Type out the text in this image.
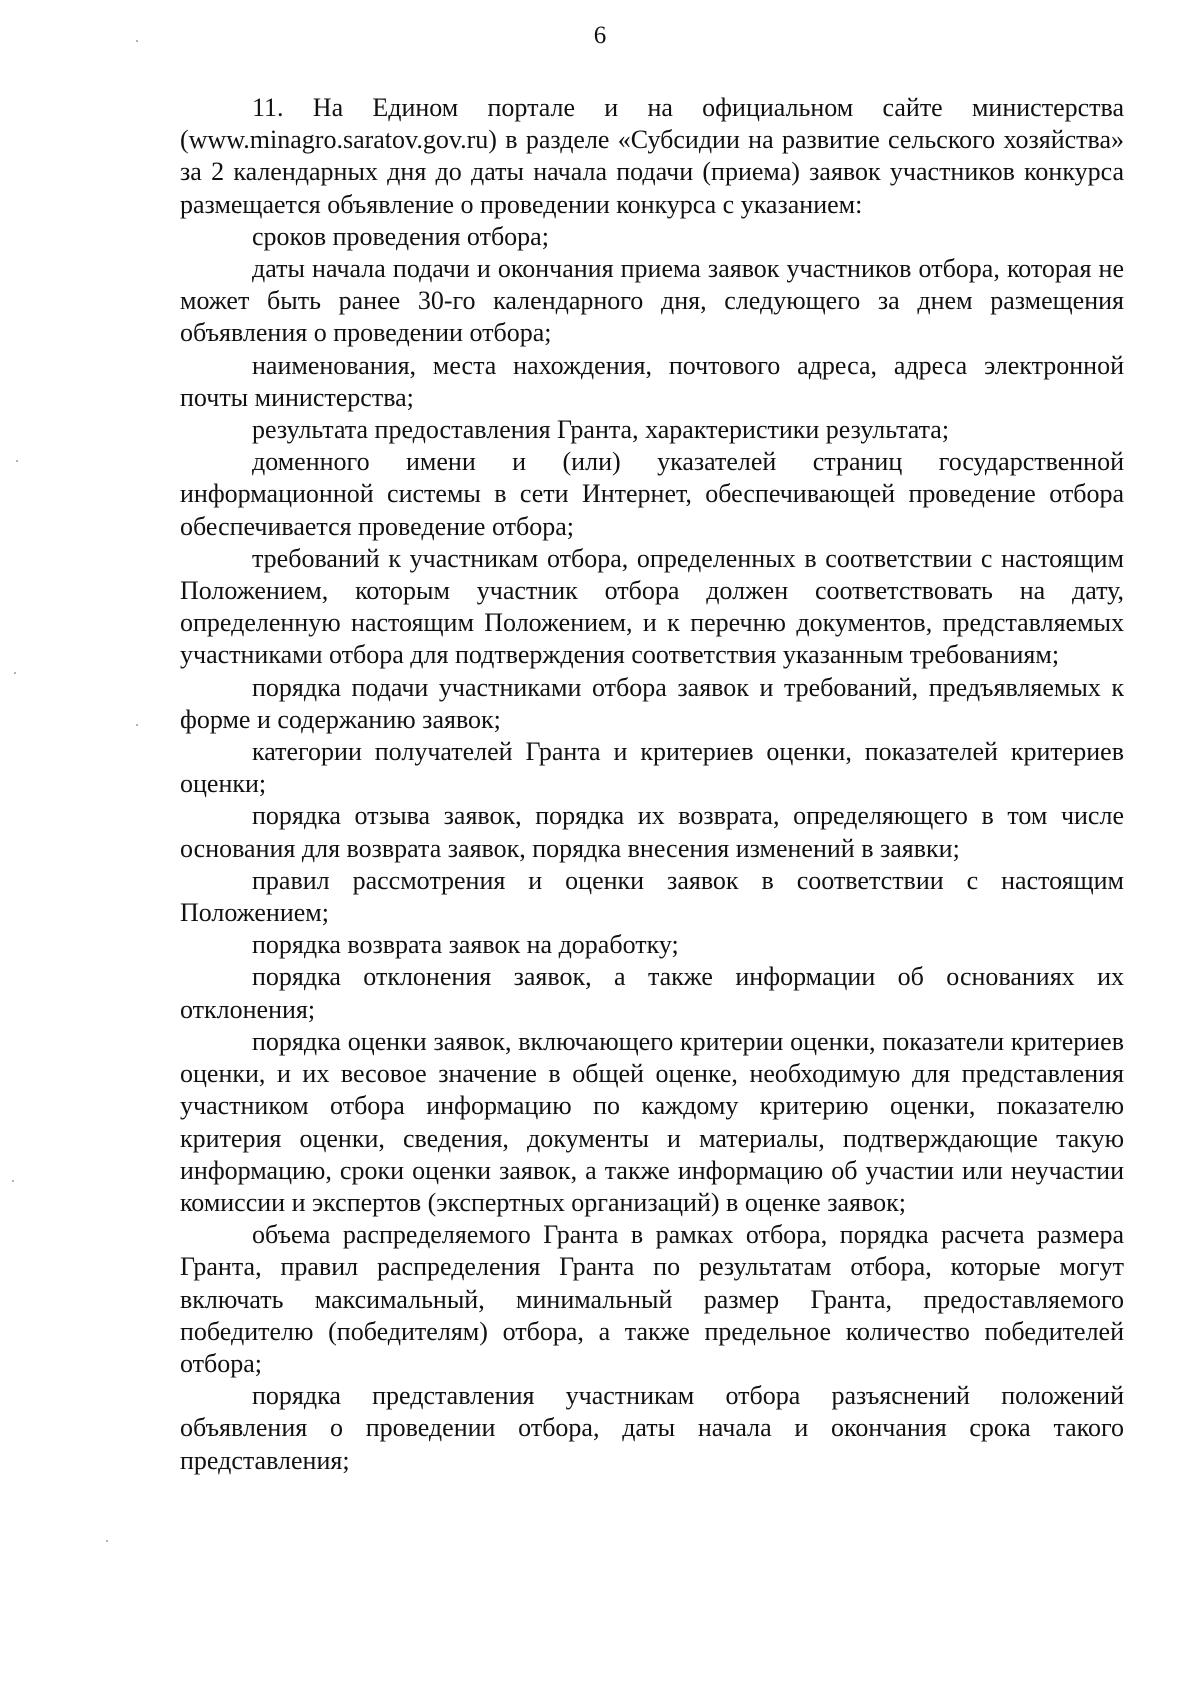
6

11. На Едином портале и на официальном сайте министерства (www.minagro.saratov.gov.ru) в разделе «Субсидии на развитие сельского хозяйства» за 2 календарных дня до даты начала подачи (приема) заявок участников конкурса размещается объявление о проведении конкурса с указанием:

сроков проведения отбора;

даты начала подачи и окончания приема заявок участников отбора, которая не может быть ранее 30-го календарного дня, следующего за днем размещения объявления о проведении отбора;

наименования, места нахождения, почтового адреса, адреса электронной почты министерства;

результата предоставления Гранта, характеристики результата;

доменного имени и (или) указателей страниц государственной информационной системы в сети Интернет, обеспечивающей проведение отбора обеспечивается проведение отбора;

требований к участникам отбора, определенных в соответствии с настоящим Положением, которым участник отбора должен соответствовать на дату, определенную настоящим Положением, и к перечню документов, представляемых участниками отбора для подтверждения соответствия указанным требованиям;

порядка подачи участниками отбора заявок и требований, предъявляемых к форме и содержанию заявок;

категории получателей Гранта и критериев оценки, показателей критериев оценки;

порядка отзыва заявок, порядка их возврата, определяющего в том числе основания для возврата заявок, порядка внесения изменений в заявки;

правил рассмотрения и оценки заявок в соответствии с настоящим Положением;

порядка возврата заявок на доработку;

порядка отклонения заявок, а также информации об основаниях их отклонения;

порядка оценки заявок, включающего критерии оценки, показатели критериев оценки, и их весовое значение в общей оценке, необходимую для представления участником отбора информацию по каждому критерию оценки, показателю критерия оценки, сведения, документы и материалы, подтверждающие такую информацию, сроки оценки заявок, а также информацию об участии или неучастии комиссии и экспертов (экспертных организаций) в оценке заявок;

объема распределяемого Гранта в рамках отбора, порядка расчета размера Гранта, правил распределения Гранта по результатам отбора, которые могут включать максимальный, минимальный размер Гранта, предоставляемого победителю (победителям) отбора, а также предельное количество победителей отбора;

порядка представления участникам отбора разъяснений положений объявления о проведении отбора, даты начала и окончания срока такого представления;
